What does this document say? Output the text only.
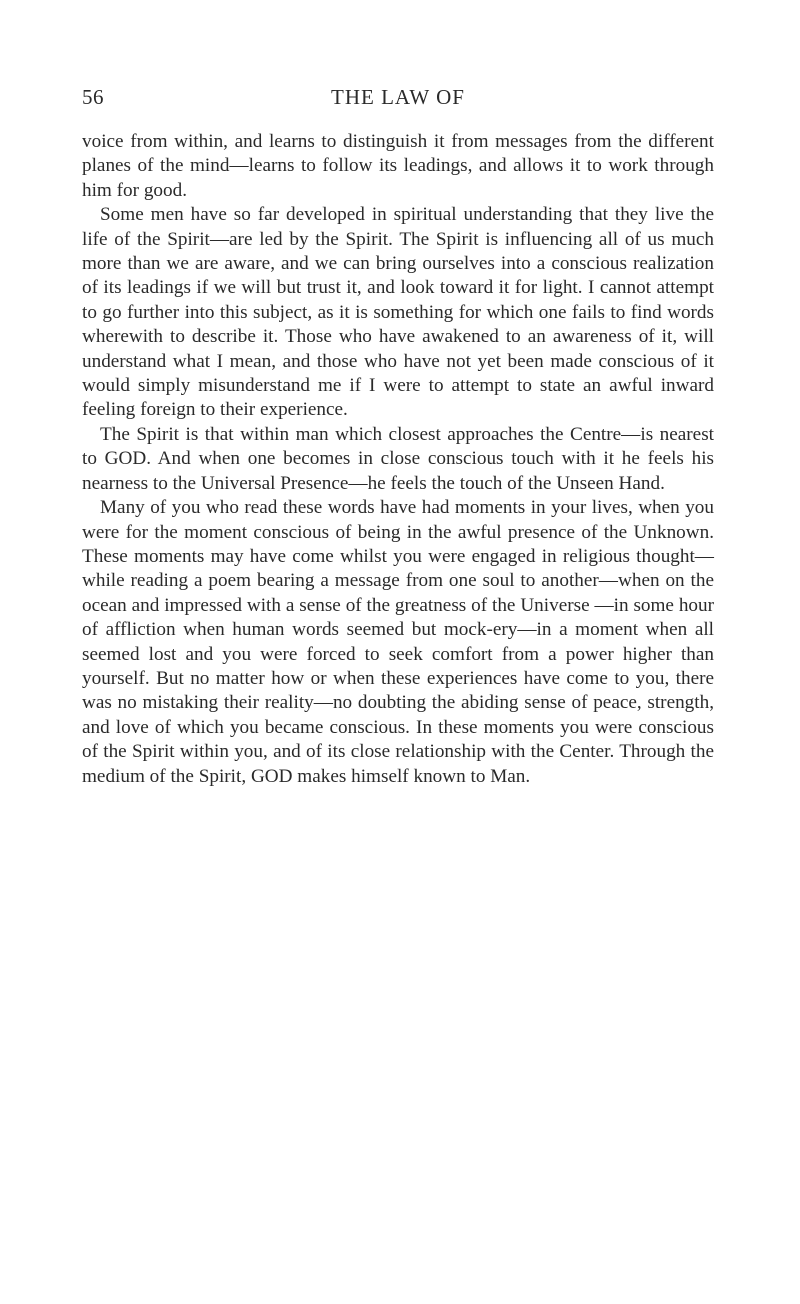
56	THE LAW OF

voice from within, and learns to distinguish it from messages from the different planes of the mind—learns to follow its leadings, and allows it to work through him for good.

Some men have so far developed in spiritual understanding that they live the life of the Spirit—are led by the Spirit. The Spirit is influencing all of us much more than we are aware, and we can bring ourselves into a conscious realization of its leadings if we will but trust it, and look toward it for light. I cannot attempt to go further into this subject, as it is something for which one fails to find words wherewith to describe it. Those who have awakened to an awareness of it, will understand what I mean, and those who have not yet been made conscious of it would simply misunderstand me if I were to attempt to state an awful inward feeling foreign to their experience.

The Spirit is that within man which closest approaches the Centre—is nearest to GOD. And when one becomes in close conscious touch with it he feels his nearness to the Universal Presence—he feels the touch of the Unseen Hand.

Many of you who read these words have had moments in your lives, when you were for the moment conscious of being in the awful presence of the Unknown. These moments may have come whilst you were engaged in religious thought—while reading a poem bearing a message from one soul to another—when on the ocean and impressed with a sense of the greatness of the Universe —in some hour of affliction when human words seemed but mock-ery—in a moment when all seemed lost and you were forced to seek comfort from a power higher than yourself. But no matter how or when these experiences have come to you, there was no mistaking their reality—no doubting the abiding sense of peace, strength, and love of which you became conscious. In these moments you were conscious of the Spirit within you, and of its close relationship with the Center. Through the medium of the Spirit, GOD makes himself known to Man.
